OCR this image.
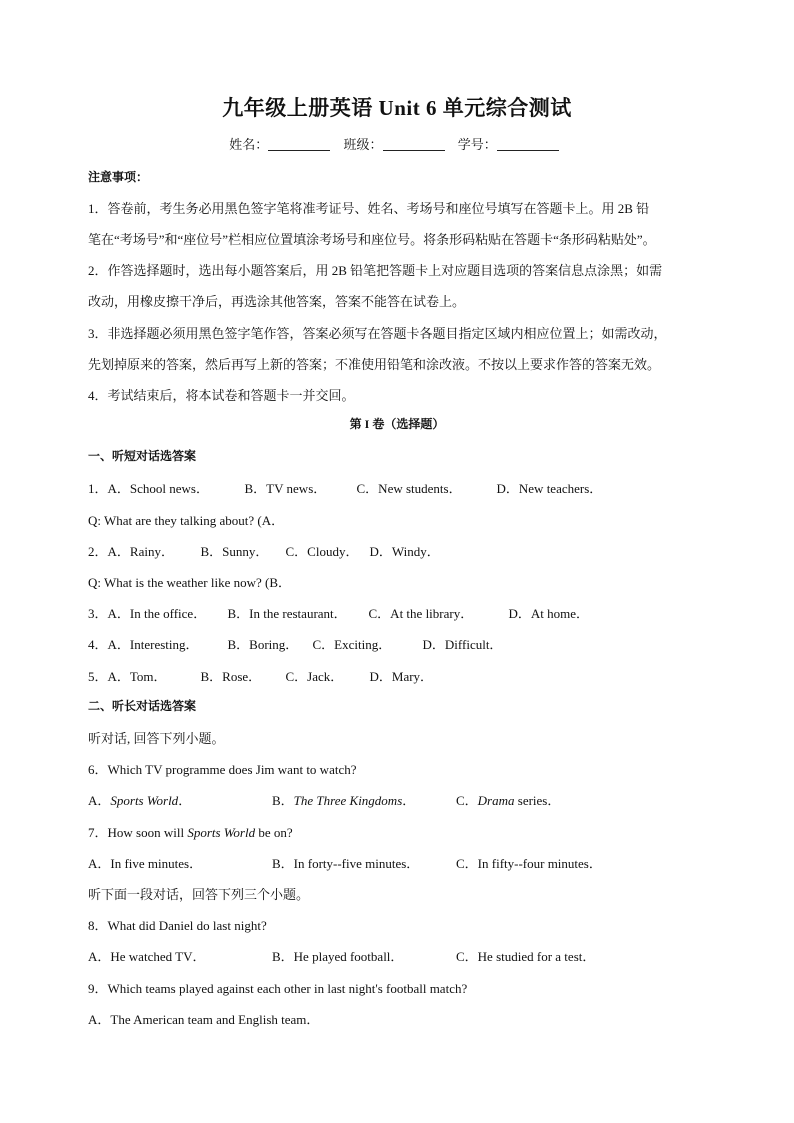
九年级上册英语 Unit 6 单元综合测试
姓名：	班级：	学号：
注意事项：
1．答卷前，考生务必用黑色签字笔将准考证号、姓名、考场号和座位号填写在答题卡上。用 2B 铅
笔在“考场号”和“座位号”栏相应位置填涂考场号和座位号。将条形码粘贴在答题卡“条形码粘贴处”。
2．作答选择题时，选出每小题答案后，用 2B 铅笔把答题卡上对应题目选项的答案信息点涂黑；如需
改动，用橡皮擦干净后，再选涂其他答案，答案不能答在试卷上。
3．非选择题必须用黑色签字笔作答，答案必须写在答题卡各题目指定区域内相应位置上；如需改动，
先划掉原来的答案，然后再写上新的答案；不准使用铅笔和涂改液。不按以上要求作答的答案无效。
4．考试结束后，将本试卷和答题卡一并交回。
第 I 卷（选择题）
一、听短对话选答案
1．A．School news．	B．TV news． C．New students．	D．New teachers．
Q: What are they talking about? (A．
2．A．Rainy． B．Sunny． C．Cloudy． D．Windy．
Q: What is the weather like now? (B．
3．A．In the office． B．In the restaurant． C．At the library．	D．At home．
4．A．Interesting． B．Boring． C．Exciting． D．Difficult．
5．A．Tom．	B．Rose． C．Jack． D．Mary．
二、听长对话选答案
听对话, 回答下列小题。
6．Which TV programme does Jim want to watch?
A．Sports World．	B．The Three Kingdoms．	C．Drama series．
7．How soon will Sports World be on?
A．In five minutes．	B．In forty--five minutes．	C．In fifty--four minutes．
听下面一段对话，回答下列三个小题。
8．What did Daniel do last night?
A．He watched TV．	B．He played football．	C．He studied for a test．
9．Which teams played against each other in last night's football match?
A．The American team and English team．
